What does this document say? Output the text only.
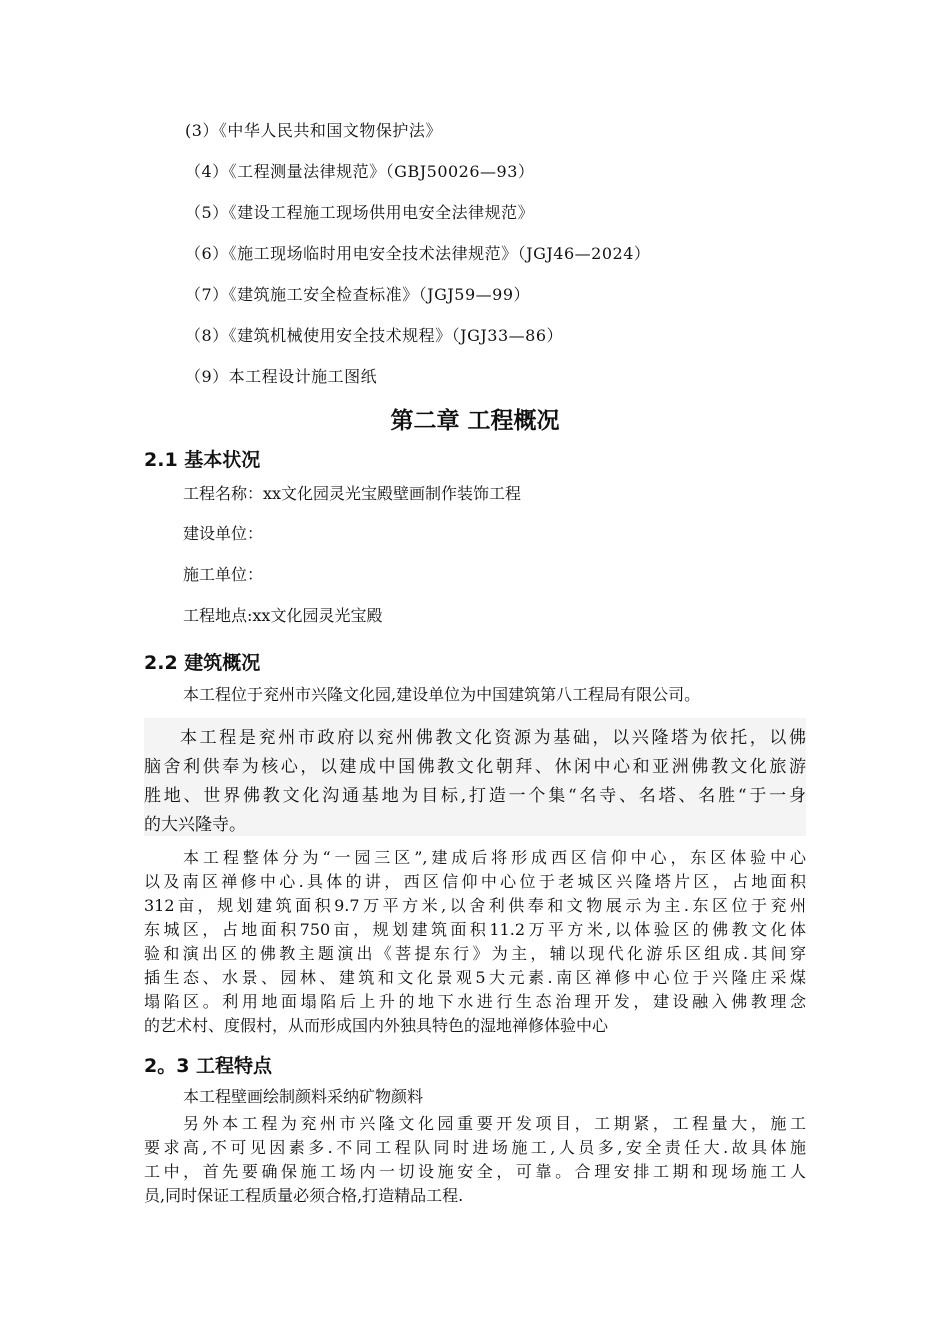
(3）《中华人民共和国文物保护法》
（4）《工程测量法律规范》（GBJ50026—93）
（5）《建设工程施工现场供用电安全法律规范》
（6）《施工现场临时用电安全技术法律规范》（JGJ46—2024）
（7）《建筑施工安全检查标准》（JGJ59—99）
（8）《建筑机械使用安全技术规程》（JGJ33—86）
（9）本工程设计施工图纸
第二章 工程概况
2.1 基本状况
工程名称：xx文化园灵光宝殿壁画制作装饰工程
建设单位：
施工单位：
工程地点:xx文化园灵光宝殿
2.2 建筑概况
本工程位于兖州市兴隆文化园,建设单位为中国建筑第八工程局有限公司。
本工程是兖州市政府以兖州佛教文化资源为基础，以兴隆塔为依托，以佛
脑舍利供奉为核心，以建成中国佛教文化朝拜、休闲中心和亚洲佛教文化旅游
胜地、世界佛教文化沟通基地为目标,打造一个集“名寺、名塔、名胜“于一身
的大兴隆寺。
本工程整体分为“一园三区”,建成后将形成西区信仰中心，东区体验中心
以及南区禅修中心.具体的讲，西区信仰中心位于老城区兴隆塔片区，占地面积
312亩，规划建筑面积9.7万平方米,以舍利供奉和文物展示为主.东区位于兖州
东城区，占地面积750亩，规划建筑面积11.2万平方米,以体验区的佛教文化体
验和演出区的佛教主题演出《菩提东行》为主，辅以现代化游乐区组成.其间穿
插生态、水景、园林、建筑和文化景观5大元素.南区禅修中心位于兴隆庄采煤
塌陷区。利用地面塌陷后上升的地下水进行生态治理开发，建设融入佛教理念
的艺术村、度假村，从而形成国内外独具特色的湿地禅修体验中心
2。3 工程特点
本工程壁画绘制颜料采纳矿物颜料
另外本工程为兖州市兴隆文化园重要开发项目，工期紧，工程量大，施工
要求高,不可见因素多.不同工程队同时进场施工,人员多,安全责任大.故具体施
工中，首先要确保施工场内一切设施安全，可靠。合理安排工期和现场施工人
员,同时保证工程质量必须合格,打造精品工程.
